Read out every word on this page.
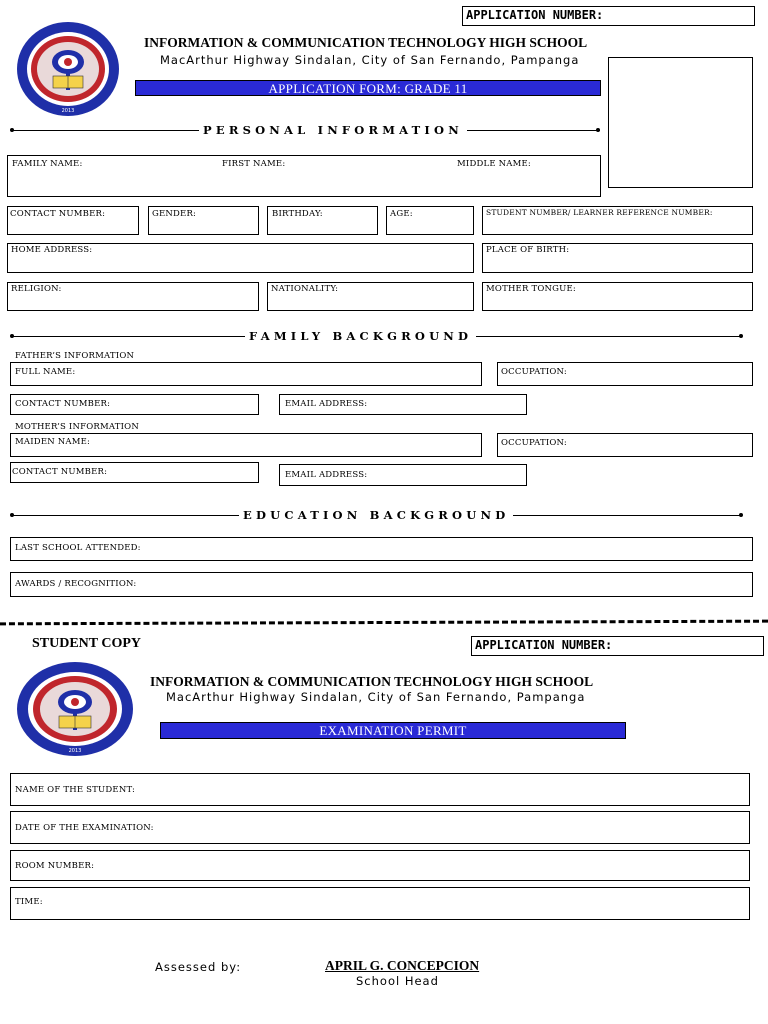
APPLICATION NUMBER:
2013
INFORMATION & COMMUNICATION TECHNOLOGY HIGH SCHOOL
MacArthur Highway Sindalan, City of San Fernando, Pampanga
APPLICATION FORM: GRADE 11
PERSONAL INFORMATION
FAMILY NAME:	FIRST NAME:	MIDDLE NAME:
CONTACT NUMBER:	GENDER:	BIRTHDAY:	AGE:	STUDENT NUMBER/ LEARNER REFERENCE NUMBER:
HOME ADDRESS:	PLACE OF BIRTH:
RELIGION:	NATIONALITY:	MOTHER TONGUE:
FAMILY BACKGROUND
FATHER’S INFORMATION
FULL NAME:	OCCUPATION:
CONTACT NUMBER:	EMAIL ADDRESS:
MOTHER’S INFORMATION
MAIDEN NAME:	OCCUPATION:
CONTACT NUMBER:	EMAIL ADDRESS:
EDUCATION BACKGROUND
LAST SCHOOL ATTENDED:
AWARDS / RECOGNITION:
STUDENT COPY	APPLICATION NUMBER:
2013
INFORMATION & COMMUNICATION TECHNOLOGY HIGH SCHOOL
MacArthur Highway Sindalan, City of San Fernando, Pampanga
EXAMINATION PERMIT
NAME OF THE STUDENT:
DATE OF THE EXAMINATION:
ROOM NUMBER:
TIME:
Assessed by:	APRIL G. CONCEPCION
School Head
